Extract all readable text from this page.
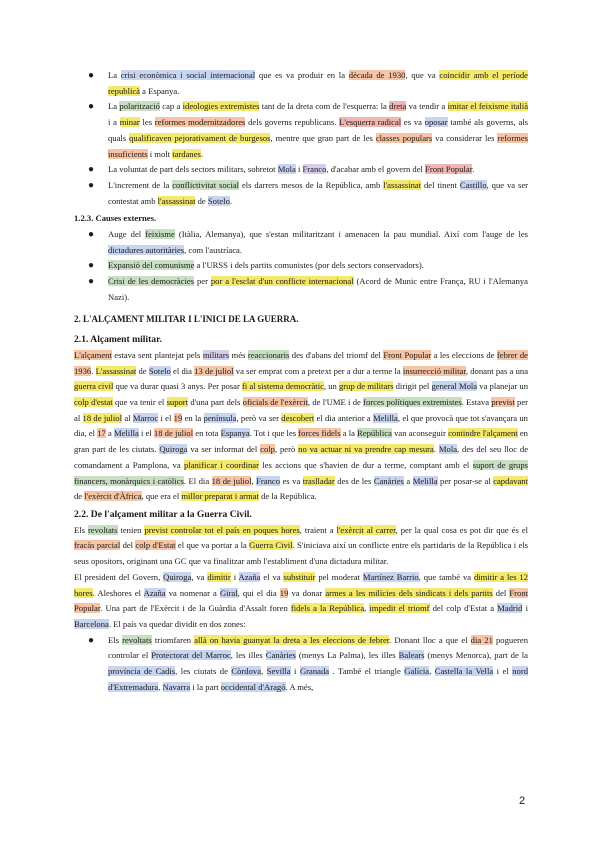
● La crisi econòmica i social internacional que es va produir en la dècada de 1930, que va coincidir amb el període republicà a Espanya.
● La polarització cap a ideologies extremistes tant de la dreta com de l'esquerra: la dreta va tendir a imitar el feixisme italià i a minar les reformes modernitzadores dels governs republicans. L'esquerra radical es va oposar també als governs, als quals qualificaven pejorativament de burgesos, mentre que gran part de les classes populars va considerar les reformes insuficients i molt tardanes.
● La voluntat de part dels sectors militars, sobretot Mola i Franco, d'acabar amb el govern del Front Popular.
● L'increment de la conflictivitat social els darrers mesos de la República, amb l'assassinat del tinent Castillo, que va ser contestat amb l'assassinat de Sotelo.
1.2.3. Causes externes.
● Auge del feixisme (Itàlia, Alemanya), que s'estan militaritzant i amenacen la pau mundial. Així com l'auge de les dictadures autoritàries, com l'austríaca.
● Expansió del comunisme a l'URSS i dels partits comunistes (por dels sectors conservadors).
● Crisi de les democràcies per por a l'esclat d'un conflicte internacional (Acord de Munic entre França, RU i l'Alemanya Nazi).
2. L'ALÇAMENT MILITAR I L'INICI DE LA GUERRA.
2.1. Alçament militar.
L'alçament estava sent plantejat pels militars més reaccionaris des d'abans del triomf del Front Popular a les eleccions de febrer de 1936. L'assassinat de Sotelo el dia 13 de juliol va ser emprat com a pretext per a dur a terme la insurrecció militar, donant pas a una guerra civil que va durar quasi 3 anys. Per posar fi al sistema democràtic, un grup de militars dirigit pel general Mola va planejar un colp d'estat que va tenir el suport d'una part dels oficials de l'exèrcit, de l'UME i de forces polítiques extremistes. Estava previst per al 18 de juliol al Marroc i el 19 en la península, però va ser descobert el dia anterior a Melilla, el que provocà que tot s'avançara un dia, el 17 a Melilla i el 18 de juliol en tota Espanya. Tot i que les forces fidels a la República van aconseguir contindre l'alçament en gran part de les ciutats. Quiroga va ser informat del colp, però no va actuar ni va prendre cap mesura. Mola, des del seu lloc de comandament a Pamplona, va planificar i coordinar les accions que s'havien de dur a terme, comptant amb el suport de grups financers, monàrquics i catòlics. El dia 18 de juliol, Franco es va traslladar des de les Canàries a Melilla per posar-se al capdavant de l'exèrcit d'Àfrica, que era el millor preparat i armat de la República.
2.2. De l'alçament militar a la Guerra Civil.
Els revoltats tenien previst controlar tot el país en poques hores, traient a l'exèrcit al carrer, per la qual cosa es pot dir que és el fracàs parcial del colp d'Estat el que va portar a la Guerra Civil. S'iniciava així un conflicte entre els partidaris de la República i els seus opositors, originant una GC que va finalitzar amb l'establiment d'una dictadura militar.
El president del Govern, Quiroga, va dimitir i Azaña el va substituir pel moderat Martínez Barrio, que també va dimitir a les 12 hores. Aleshores el Azaña va nomenar a Giral, qui el dia 19 va donar armes a les milícies dels sindicats i dels partits del Front Popular. Una part de l'Exèrcit i de la Guàrdia d'Assalt foren fidels a la República, impedit el triomf del colp d'Estat a Madrid i Barcelona. El país va quedar dividit en dos zones:
● Els revoltats triomfaren allà on havia guanyat la dreta a les eleccions de febrer. Donant lloc a que el dia 21 pogueren controlar el Protectorat del Marroc, les illes Canàries (menys La Palma), les illes Balears (menys Menorca), part de la província de Cadis, les ciutats de Còrdova, Sevilla i Granada . També el triangle Galícia, Castella la Vella i el nord d'Extremadura, Navarra i la part occidental d'Aragó. A més,
2
